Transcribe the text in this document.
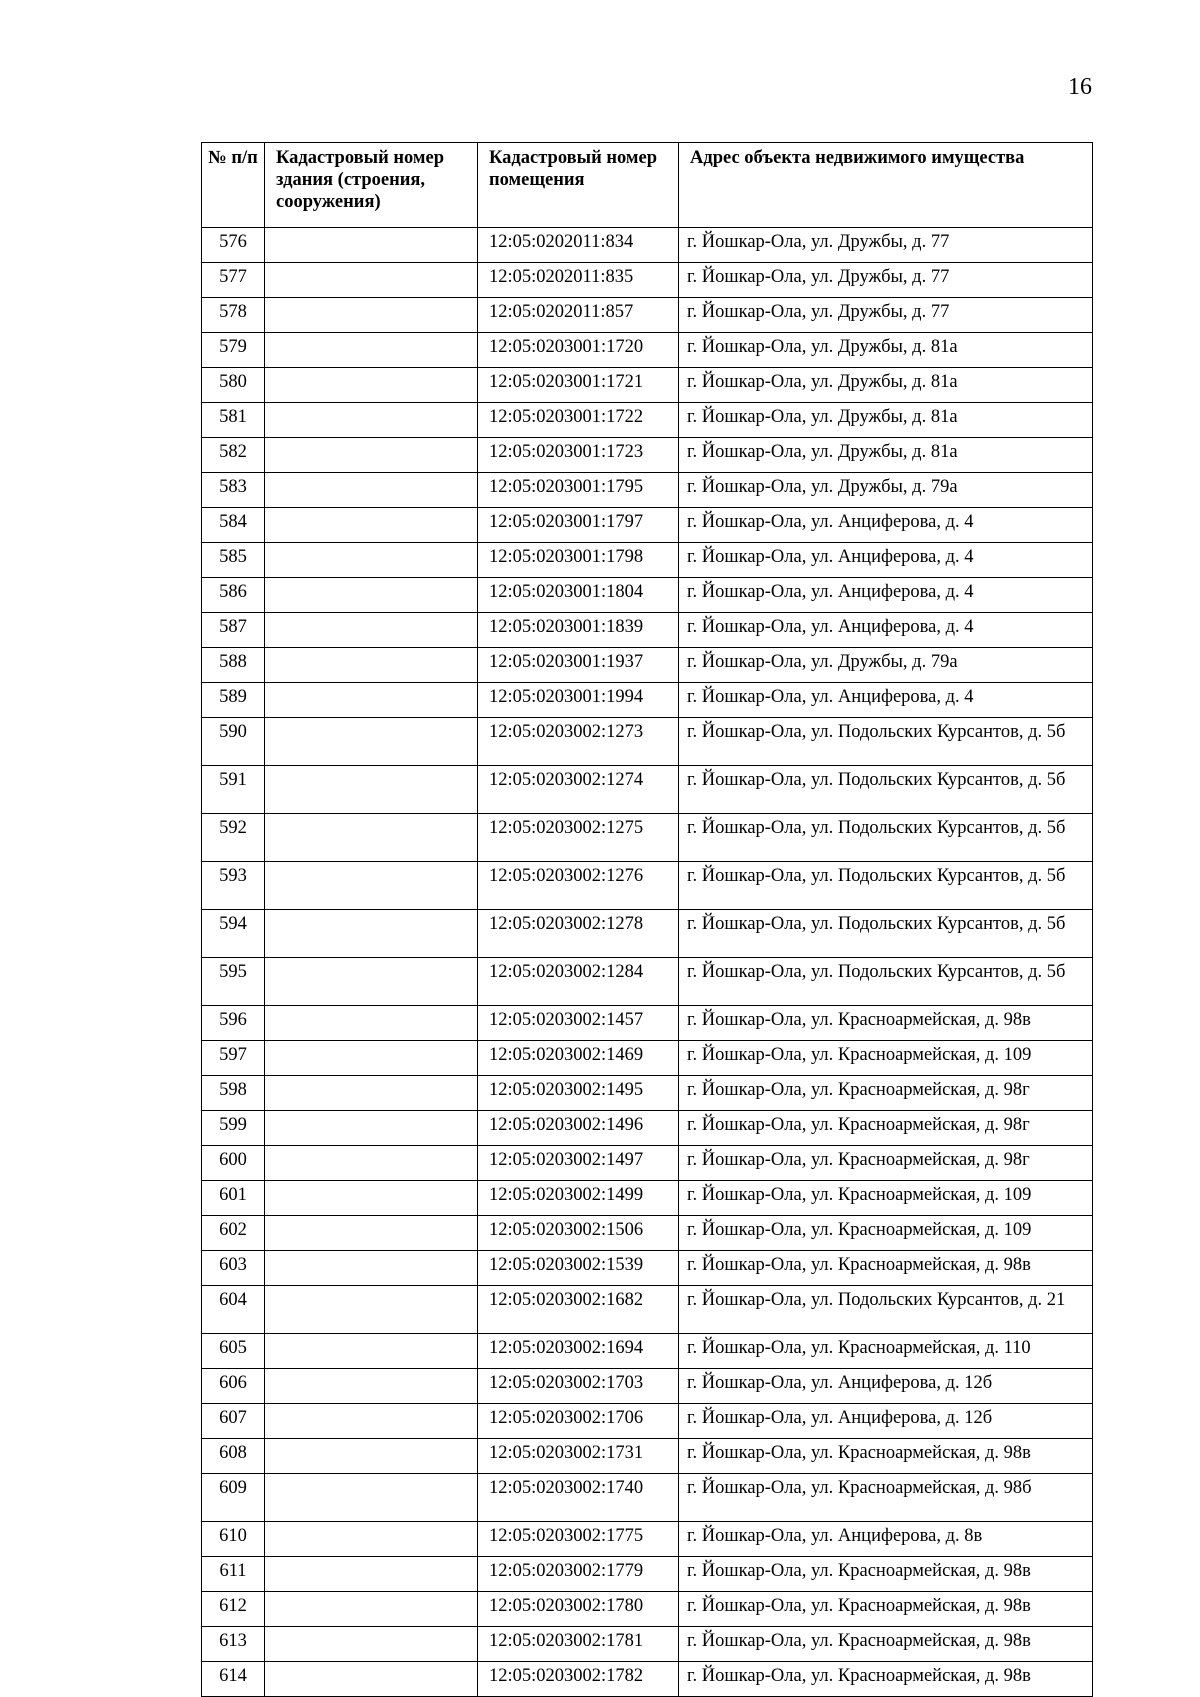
16
№ п/п	Кадастровый номер здания (строения, сооружения)	Кадастровый номер помещения	Адрес объекта недвижимого имущества
576		12:05:0202011:834	г. Йошкар-Ола, ул. Дружбы, д. 77
577		12:05:0202011:835	г. Йошкар-Ола, ул. Дружбы, д. 77
578		12:05:0202011:857	г. Йошкар-Ола, ул. Дружбы, д. 77
579		12:05:0203001:1720	г. Йошкар-Ола, ул. Дружбы, д. 81а
580		12:05:0203001:1721	г. Йошкар-Ола, ул. Дружбы, д. 81а
581		12:05:0203001:1722	г. Йошкар-Ола, ул. Дружбы, д. 81а
582		12:05:0203001:1723	г. Йошкар-Ола, ул. Дружбы, д. 81а
583		12:05:0203001:1795	г. Йошкар-Ола, ул. Дружбы, д. 79а
584		12:05:0203001:1797	г. Йошкар-Ола, ул. Анциферова, д. 4
585		12:05:0203001:1798	г. Йошкар-Ола, ул. Анциферова, д. 4
586		12:05:0203001:1804	г. Йошкар-Ола, ул. Анциферова, д. 4
587		12:05:0203001:1839	г. Йошкар-Ола, ул. Анциферова, д. 4
588		12:05:0203001:1937	г. Йошкар-Ола, ул. Дружбы, д. 79а
589		12:05:0203001:1994	г. Йошкар-Ола, ул. Анциферова, д. 4
590		12:05:0203002:1273	г. Йошкар-Ола, ул. Подольских Курсантов, д. 5б
591		12:05:0203002:1274	г. Йошкар-Ола, ул. Подольских Курсантов, д. 5б
592		12:05:0203002:1275	г. Йошкар-Ола, ул. Подольских Курсантов, д. 5б
593		12:05:0203002:1276	г. Йошкар-Ола, ул. Подольских Курсантов, д. 5б
594		12:05:0203002:1278	г. Йошкар-Ола, ул. Подольских Курсантов, д. 5б
595		12:05:0203002:1284	г. Йошкар-Ола, ул. Подольских Курсантов, д. 5б
596		12:05:0203002:1457	г. Йошкар-Ола, ул. Красноармейская, д. 98в
597		12:05:0203002:1469	г. Йошкар-Ола, ул. Красноармейская, д. 109
598		12:05:0203002:1495	г. Йошкар-Ола, ул. Красноармейская, д. 98г
599		12:05:0203002:1496	г. Йошкар-Ола, ул. Красноармейская, д. 98г
600		12:05:0203002:1497	г. Йошкар-Ола, ул. Красноармейская, д. 98г
601		12:05:0203002:1499	г. Йошкар-Ола, ул. Красноармейская, д. 109
602		12:05:0203002:1506	г. Йошкар-Ола, ул. Красноармейская, д. 109
603		12:05:0203002:1539	г. Йошкар-Ола, ул. Красноармейская, д. 98в
604		12:05:0203002:1682	г. Йошкар-Ола, ул. Подольских Курсантов, д. 21
605		12:05:0203002:1694	г. Йошкар-Ола, ул. Красноармейская, д. 110
606		12:05:0203002:1703	г. Йошкар-Ола, ул. Анциферова, д. 12б
607		12:05:0203002:1706	г. Йошкар-Ола, ул. Анциферова, д. 12б
608		12:05:0203002:1731	г. Йошкар-Ола, ул. Красноармейская, д. 98в
609		12:05:0203002:1740	г. Йошкар-Ола, ул. Красноармейская, д. 98б
610		12:05:0203002:1775	г. Йошкар-Ола, ул. Анциферова, д. 8в
611		12:05:0203002:1779	г. Йошкар-Ола, ул. Красноармейская, д. 98в
612		12:05:0203002:1780	г. Йошкар-Ола, ул. Красноармейская, д. 98в
613		12:05:0203002:1781	г. Йошкар-Ола, ул. Красноармейская, д. 98в
614		12:05:0203002:1782	г. Йошкар-Ола, ул. Красноармейская, д. 98в
